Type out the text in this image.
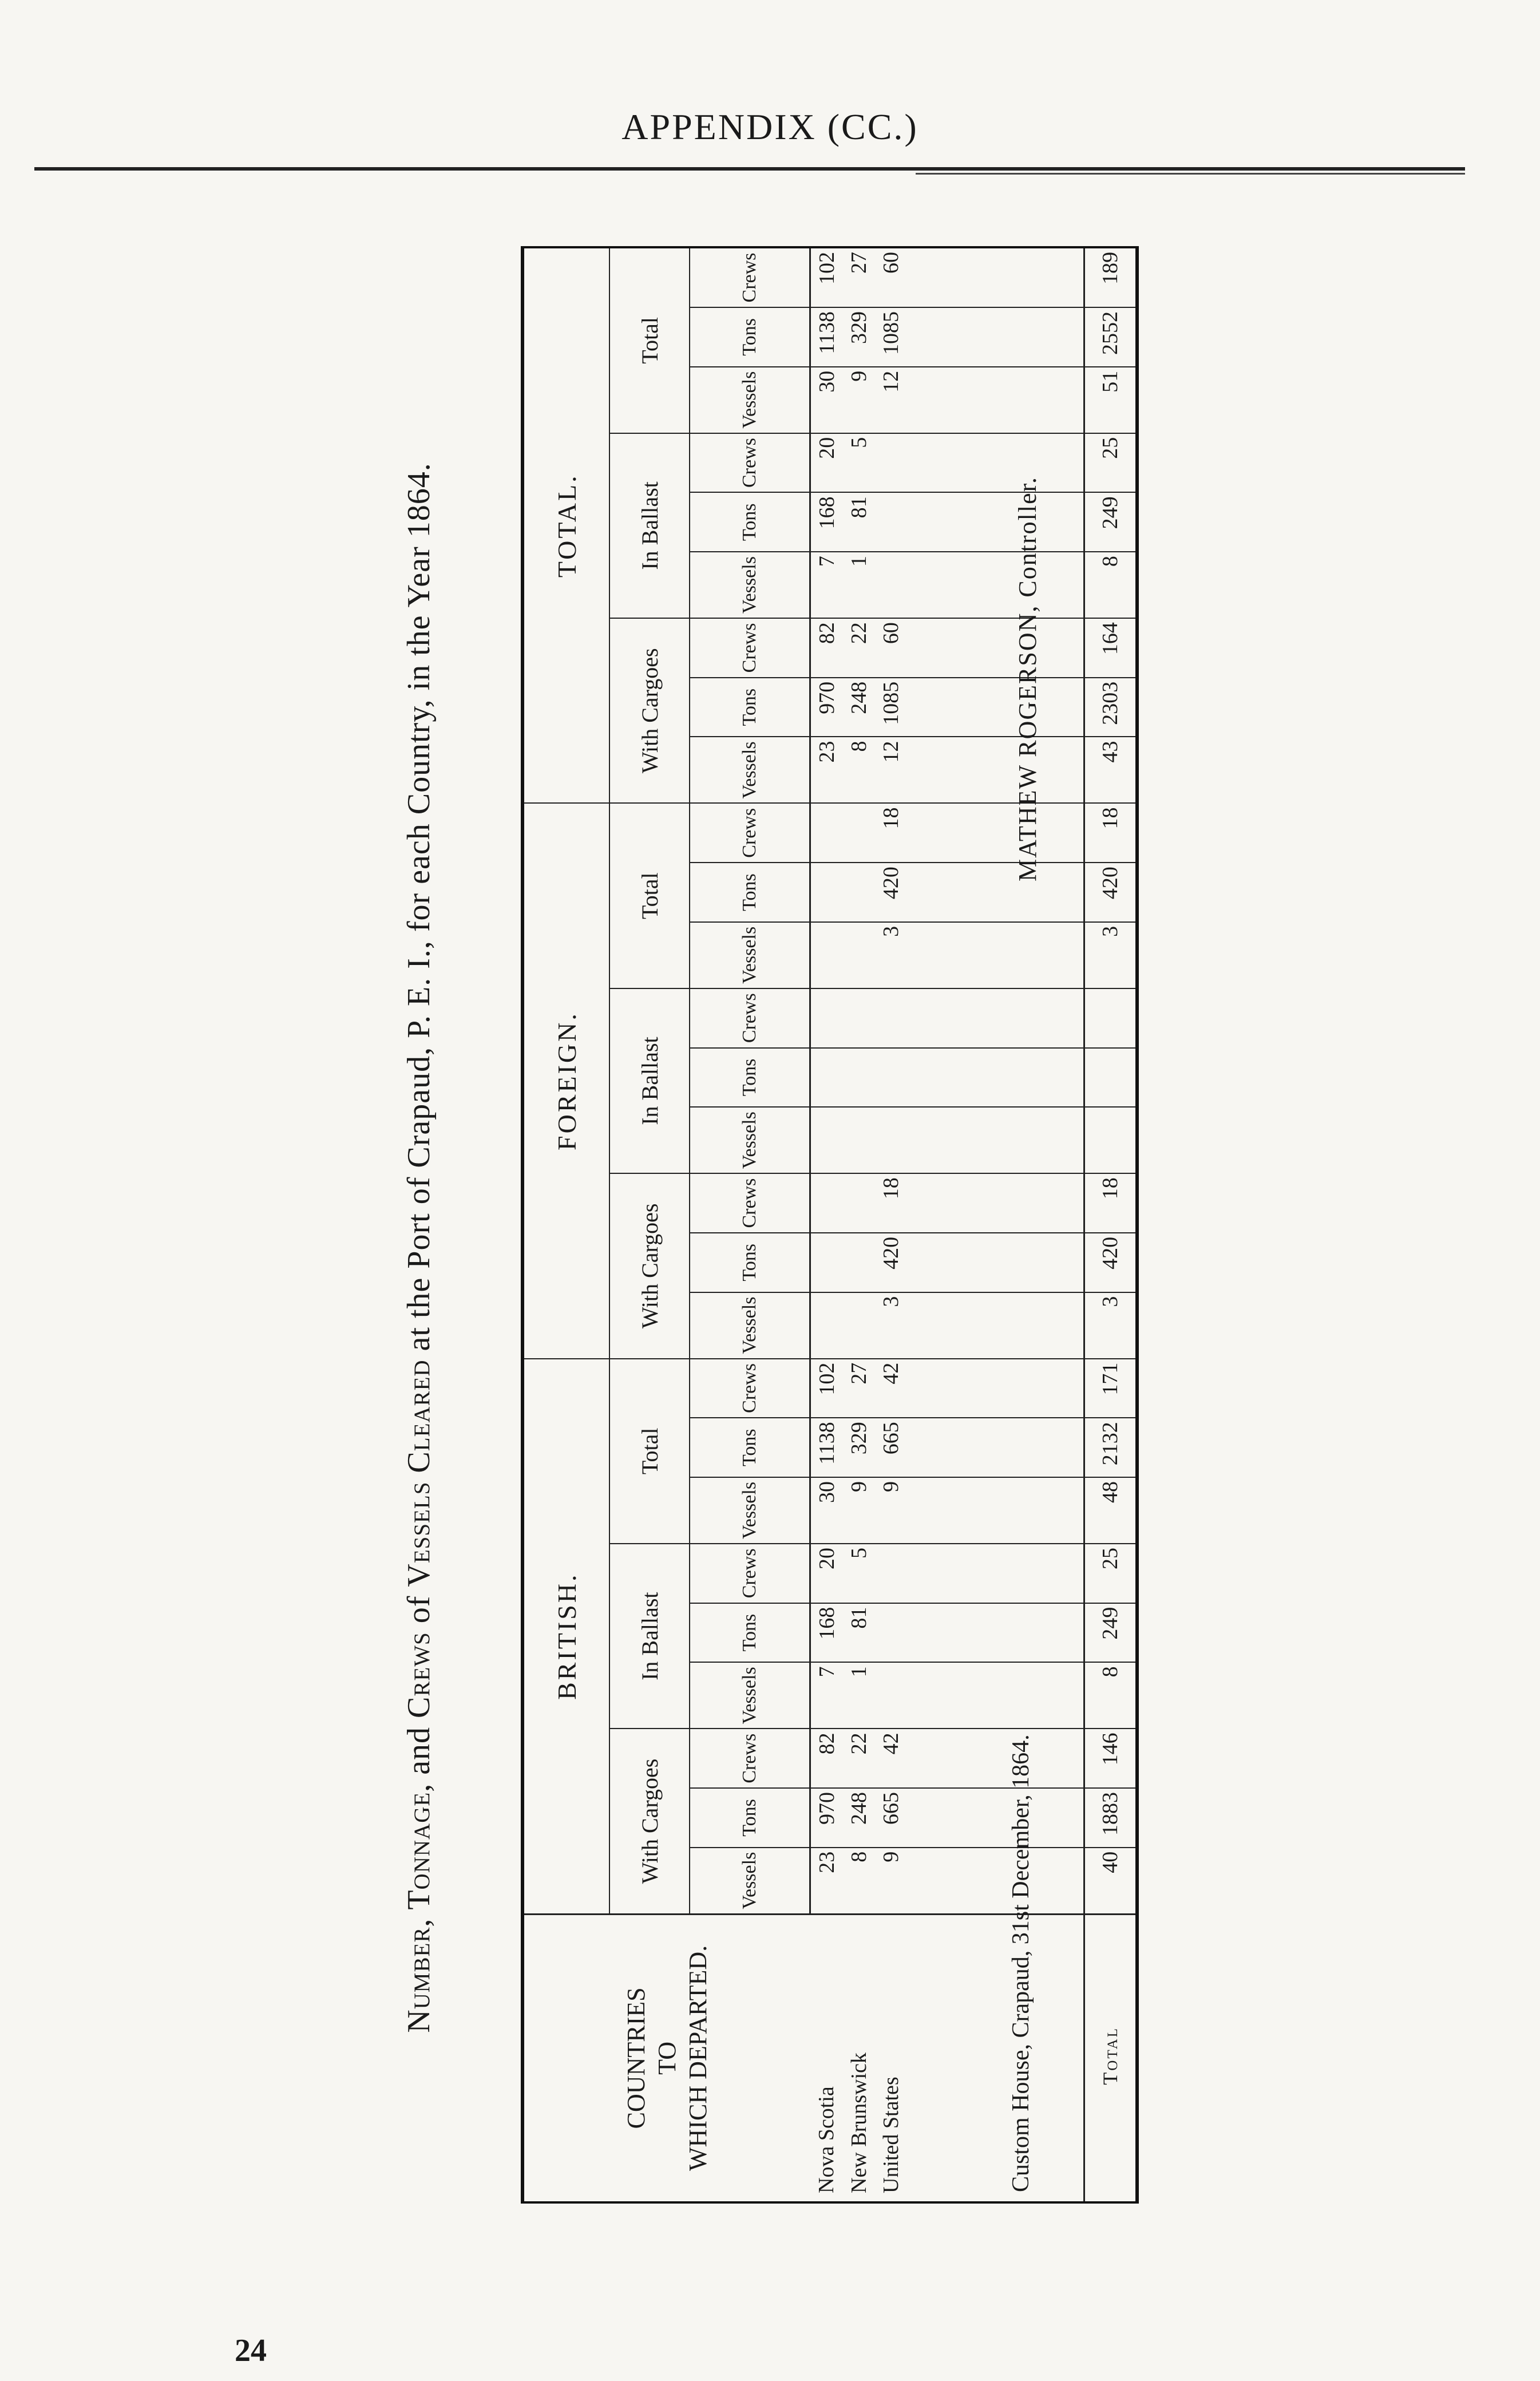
APPENDIX (CC.)
Number, Tonnage, and Crews of Vessels Cleared at the Port of Crapaud, P. E. I., for each Country, in the Year 1864.
COUNTRIES TO WHICH DEPARTED.	BRITISH.									FOREIGN.									TOTAL.								
	With Cargoes			In Ballast			Total			With Cargoes			In Ballast			Total			With Cargoes			In Ballast			Total		
	Vessels	Tons	Crews	Vessels	Tons	Crews	Vessels	Tons	Crews	Vessels	Tons	Crews	Vessels	Tons	Crews	Vessels	Tons	Crews	Vessels	Tons	Crews	Vessels	Tons	Crews	Vessels	Tons	Crews
Nova Scotia	23	970	82	7	168	20	30	1138	102										23	970	82	7	168	20	30	1138	102
New Brunswick	8	248	22	1	81	5	9	329	27										8	248	22	1	81	5	9	329	27
United States	9	665	42				9	665	42	3	420	18				3	420	18	12	1085	60				12	1085	60

Total	40	1883	146	8	249	25	48	2132	171	3	420	18				3	420	18	43	2303	164	8	249	25	51	2552	189
Custom House, Crapaud, 31st December, 1864.
MATHEW ROGERSON, Controller.
24
